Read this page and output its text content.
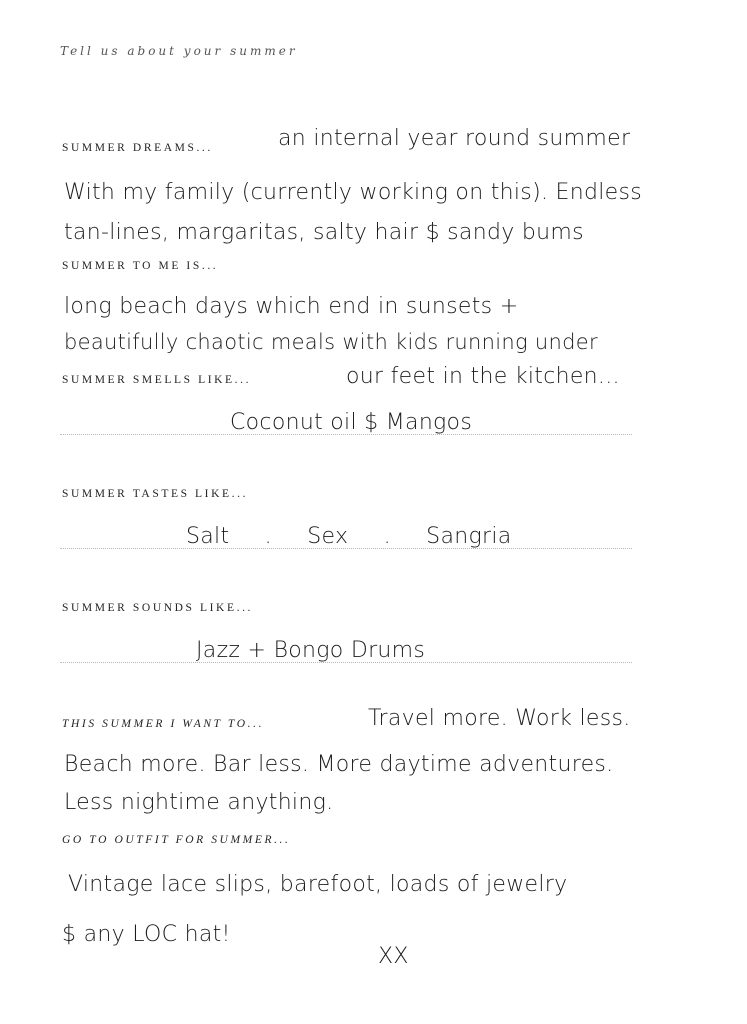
Tell us about your summer
SUMMER DREAMS...	an internal year round summer
With my family (currently working on this). Endless
tan-lines, margaritas, salty hair $ sandy bums
SUMMER TO ME IS...
long beach days which end in sunsets +
beautifully chaotic meals with kids running under
our feet in the kitchen...
SUMMER SMELLS LIKE...
Coconut oil $ Mangos
SUMMER TASTES LIKE...
Salt . Sex . Sangria
SUMMER SOUNDS LIKE...
Jazz + Bongo Drums
THIS SUMMER I WANT TO...	Travel more. Work less.
Beach more. Bar less. More daytime adventures.
Less nightime anything.
GO TO OUTFIT FOR SUMMER...
Vintage lace slips, barefoot, loads of jewelry
$ any LOC hat!
XX
